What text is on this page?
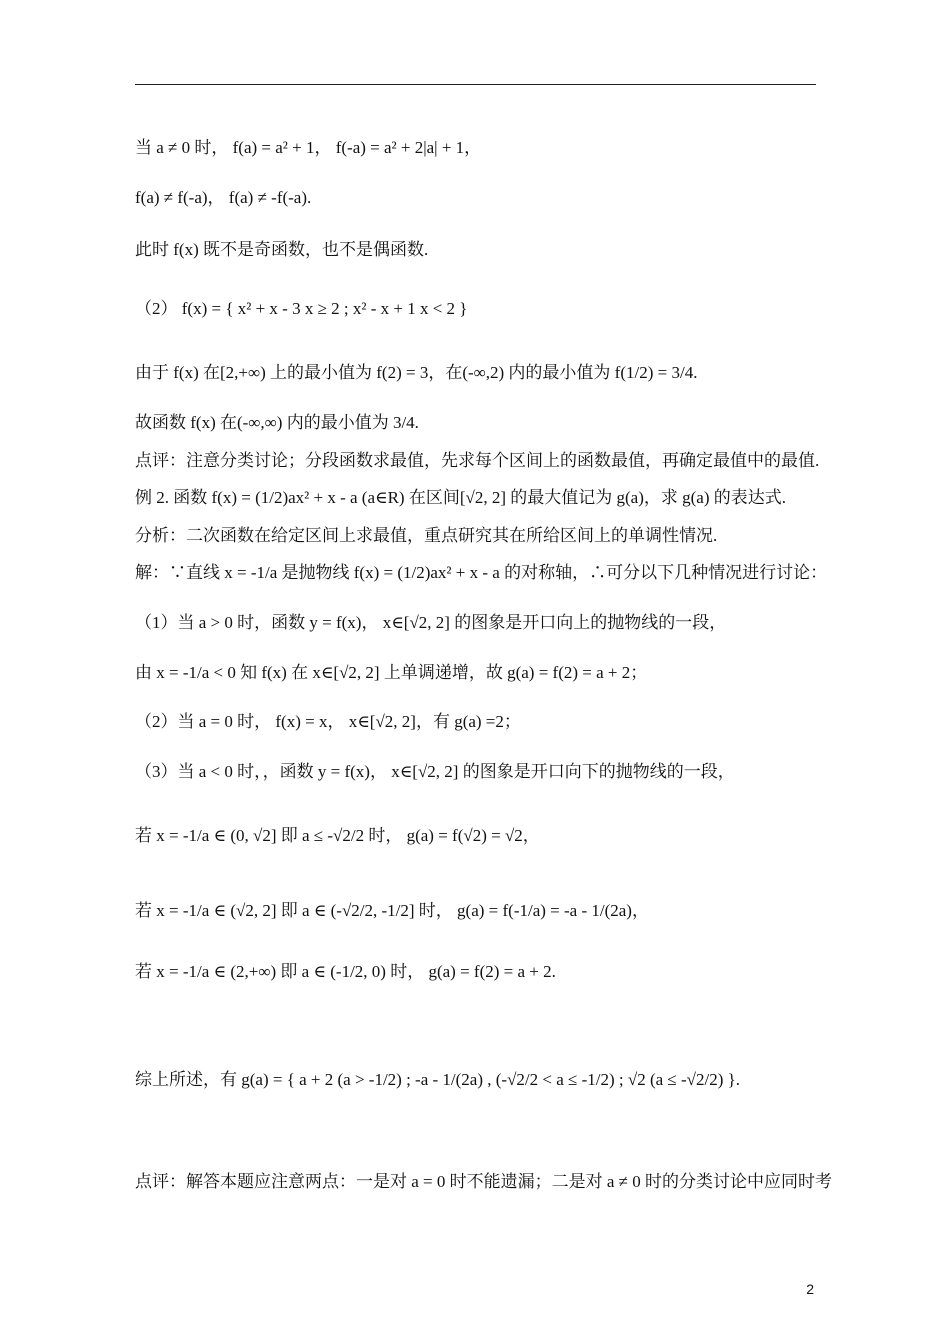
当 a ≠ 0 时， f(a) = a² + 1， f(-a) = a² + 2|a| + 1，
f(a) ≠ f(-a)， f(a) ≠ -f(-a).
此时 f(x) 既不是奇函数，也不是偶函数.
（2） f(x) = { x² + x - 3 x ≥ 2 ; x² - x + 1 x < 2 }
由于 f(x) 在[2,+∞) 上的最小值为 f(2) = 3，在(-∞,2) 内的最小值为 f(1/2) = 3/4.
故函数 f(x) 在(-∞,∞) 内的最小值为 3/4.
点评：注意分类讨论；分段函数求最值，先求每个区间上的函数最值，再确定最值中的最值.
例 2. 函数 f(x) = (1/2)ax² + x - a (a∈R) 在区间[√2, 2] 的最大值记为 g(a)，求 g(a) 的表达式.
分析：二次函数在给定区间上求最值，重点研究其在所给区间上的单调性情况.
解：∵直线 x = -1/a 是抛物线 f(x) = (1/2)ax² + x - a 的对称轴，∴可分以下几种情况进行讨论：
（1）当 a > 0 时，函数 y = f(x)， x∈[√2, 2] 的图象是开口向上的抛物线的一段，
由 x = -1/a < 0 知 f(x) 在 x∈[√2, 2] 上单调递增，故 g(a) = f(2) = a + 2；
（2）当 a = 0 时， f(x) = x， x∈[√2, 2]，有 g(a) =2；
（3）当 a < 0 时，，函数 y = f(x)， x∈[√2, 2] 的图象是开口向下的抛物线的一段，
若 x = -1/a ∈ (0, √2] 即 a ≤ -√2/2 时， g(a) = f(√2) = √2，
若 x = -1/a ∈ (√2, 2] 即 a ∈ (-√2/2, -1/2] 时， g(a) = f(-1/a) = -a - 1/(2a)，
若 x = -1/a ∈ (2,+∞) 即 a ∈ (-1/2, 0) 时， g(a) = f(2) = a + 2.
综上所述，有 g(a) = { a + 2 (a > -1/2) ; -a - 1/(2a) , (-√2/2 < a ≤ -1/2) ; √2 (a ≤ -√2/2) }.
点评：解答本题应注意两点：一是对 a = 0 时不能遗漏；二是对 a ≠ 0 时的分类讨论中应同时考
2
